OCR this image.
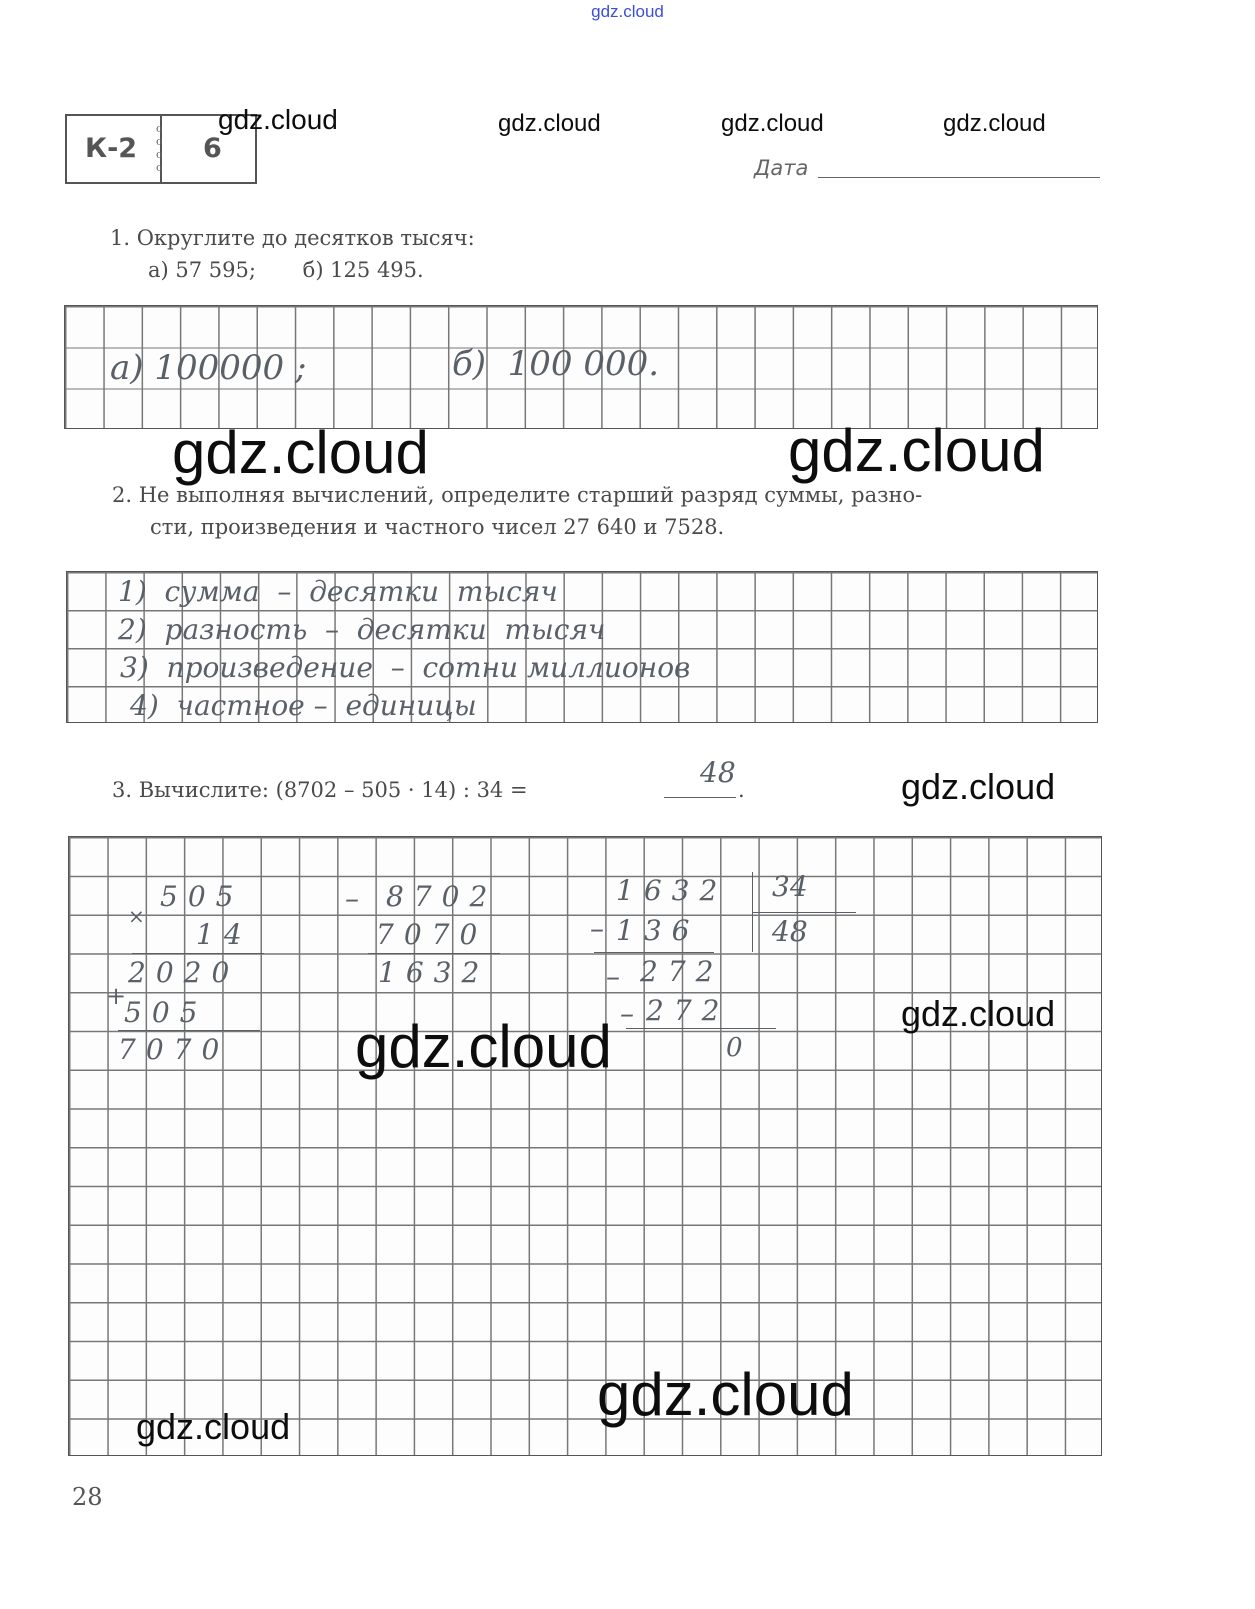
gdz.cloud
o
o
o
o
К-2 6
Дата
1. Округлите до десятков тысяч:
а) 57 595;       б) 125 495.
а) 100000 ;	б)  100 000.
2. Не выполняя вычислений, определите старший разряд суммы, разно-
сти, произведения и частного чисел 27 640 и 7528.
1)  сумма  –  десятки  тысяч
2)  разность  –  десятки  тысяч
3)  произведение  –  сотни миллионов
4)  частное –  единицы
3. Вычислите: (8702 – 505 · 14) : 34 =
48
.
×
505
14
2020
+
505
7070
– 8702
7070
1632
1632 34
48
– 136
– 272
– 272
0
gdz.cloud	gdz.cloud	gdz.cloud	gdz.cloud
gdz.cloud	gdz.cloud
gdz.cloud
gdz.cloud
gdz.cloud
gdz.cloud
gdz.cloud
28
